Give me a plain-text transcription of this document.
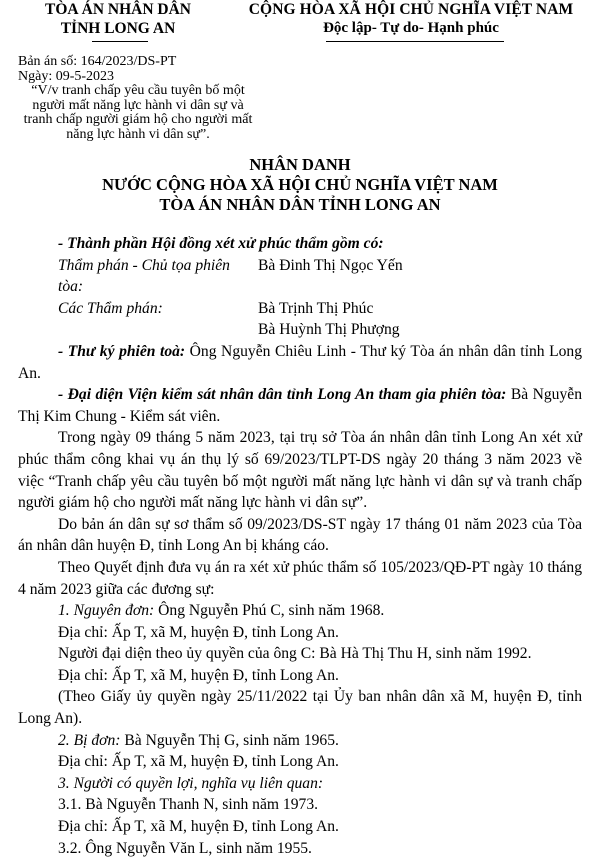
TÒA ÁN NHÂN DÂN
TỈNH LONG AN
CỘNG HÒA XÃ HỘI CHỦ NGHĨA VIỆT NAM
Độc lập- Tự do- Hạnh phúc
Bản án số: 164/2023/DS-PT
Ngày: 09-5-2023
“V/v tranh chấp yêu cầu tuyên bố một người mất năng lực hành vi dân sự và tranh chấp người giám hộ cho người mất năng lực hành vi dân sự”.
NHÂN DANH
NƯỚC CỘNG HÒA XÃ HỘI CHỦ NGHĨA VIỆT NAM
TÒA ÁN NHÂN DÂN TỈNH LONG AN

- Thành phần Hội đồng xét xử phúc thẩm gồm có:

Thẩm phán - Chủ tọa phiên tòa:
Bà Đinh Thị Ngọc Yến
Các Thẩm phán:	Bà Trịnh Thị Phúc
Bà Huỳnh Thị Phượng

- Thư ký phiên toà: Ông Nguyễn Chiêu Linh - Thư ký Tòa án nhân dân tỉnh Long An.

- Đại diện Viện kiểm sát nhân dân tỉnh Long An tham gia phiên tòa: Bà Nguyễn Thị Kim Chung - Kiểm sát viên.

Trong ngày 09 tháng 5 năm 2023, tại trụ sở Tòa án nhân dân tỉnh Long An xét xử phúc thẩm công khai vụ án thụ lý số 69/2023/TLPT-DS ngày 20 tháng 3 năm 2023 về việc “Tranh chấp yêu cầu tuyên bố một người mất năng lực hành vi dân sự và tranh chấp người giám hộ cho người mất năng lực hành vi dân sự”.

Do bản án dân sự sơ thẩm số 09/2023/DS-ST ngày 17 tháng 01 năm 2023 của Tòa án nhân dân huyện Đ, tỉnh Long An bị kháng cáo.

Theo Quyết định đưa vụ án ra xét xử phúc thẩm số 105/2023/QĐ-PT ngày 10 tháng 4 năm 2023 giữa các đương sự:

1. Nguyên đơn: Ông Nguyễn Phú C, sinh năm 1968.

Địa chỉ: Ấp T, xã M, huyện Đ, tỉnh Long An.

Người đại diện theo ủy quyền của ông C: Bà Hà Thị Thu H, sinh năm 1992.

Địa chỉ: Ấp T, xã M, huyện Đ, tỉnh Long An.

(Theo Giấy ủy quyền ngày 25/11/2022 tại Ủy ban nhân dân xã M, huyện Đ, tỉnh Long An).

2. Bị đơn: Bà Nguyễn Thị G, sinh năm 1965.

Địa chỉ: Ấp T, xã M, huyện Đ, tỉnh Long An.

3. Người có quyền lợi, nghĩa vụ liên quan:

3.1. Bà Nguyễn Thanh N, sinh năm 1973.

Địa chỉ: Ấp T, xã M, huyện Đ, tỉnh Long An.

3.2. Ông Nguyễn Văn L, sinh năm 1955.
